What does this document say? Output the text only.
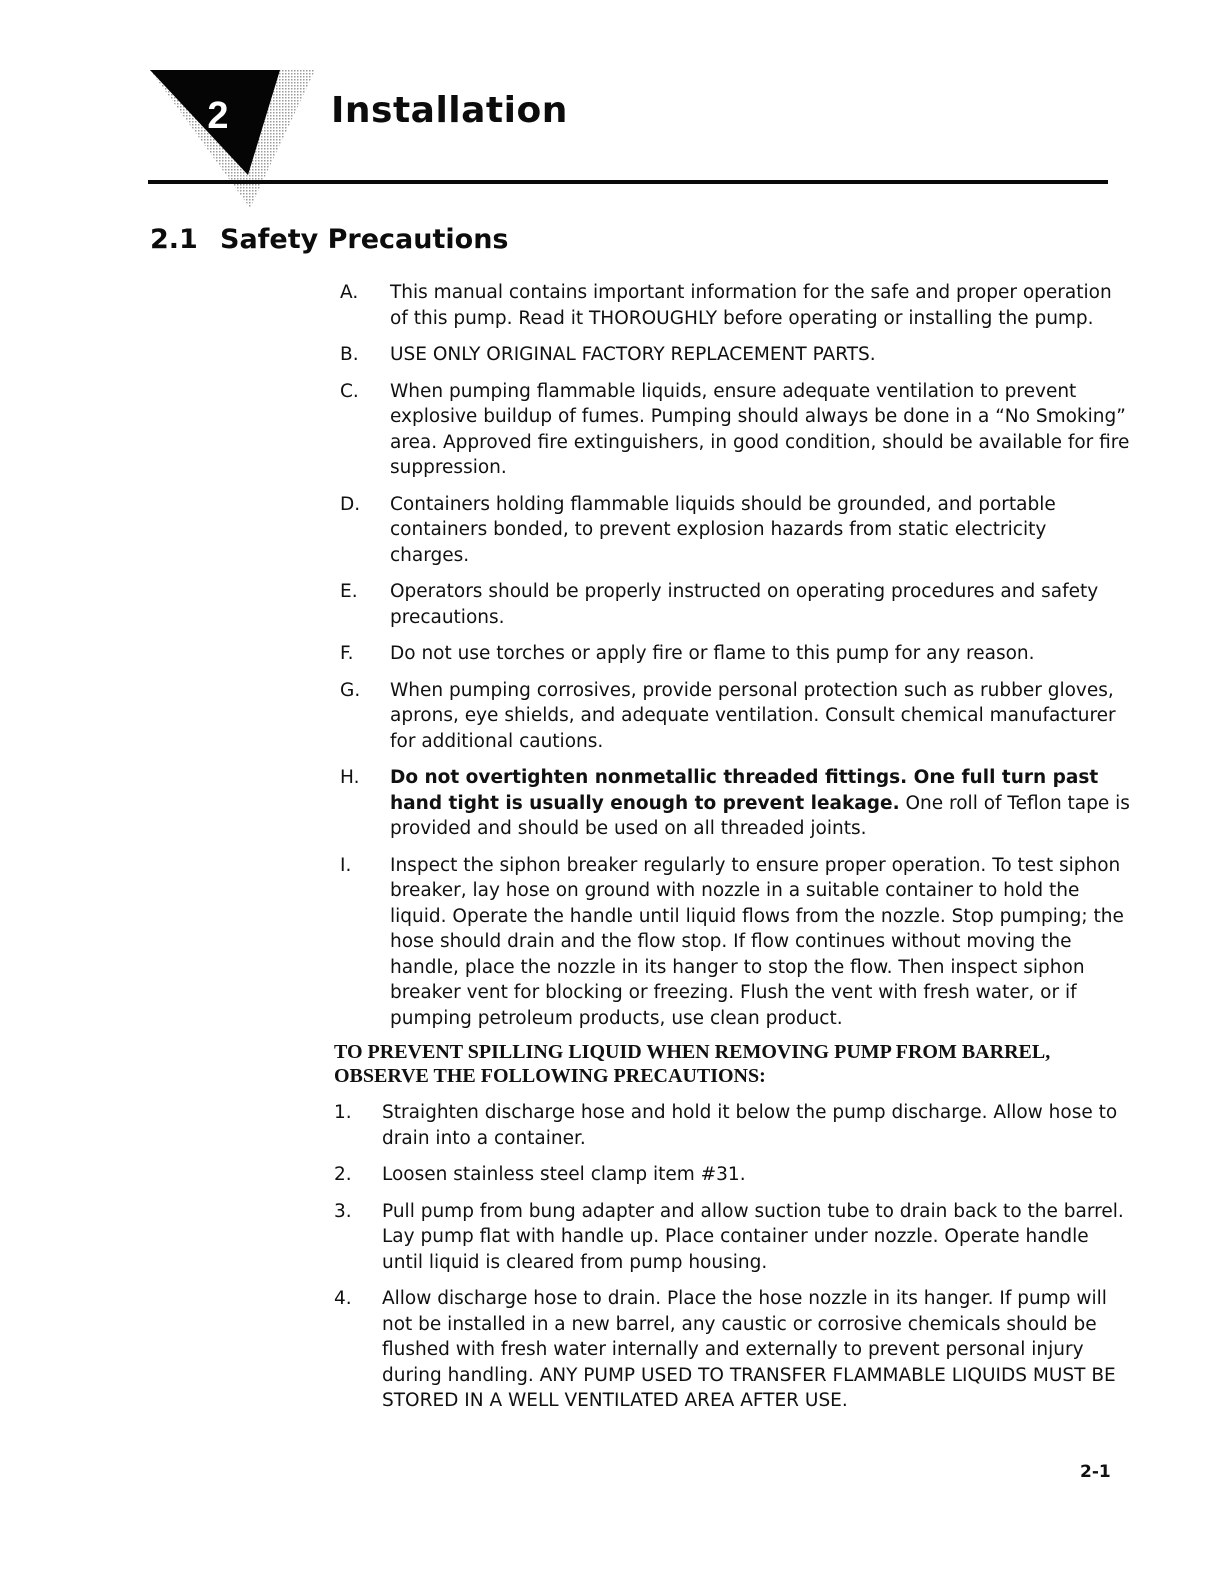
2	Installation
2.1 Safety Precautions
A. This manual contains important information for the safe and proper operation of this pump. Read it THOROUGHLY before operating or installing the pump.
B. USE ONLY ORIGINAL FACTORY REPLACEMENT PARTS.
C. When pumping flammable liquids, ensure adequate ventilation to prevent explosive buildup of fumes. Pumping should always be done in a “No Smoking” area. Approved fire extinguishers, in good condition, should be available for fire suppression.
D. Containers holding flammable liquids should be grounded, and portable containers bonded, to prevent explosion hazards from static electricity charges.
E. Operators should be properly instructed on operating procedures and safety precautions.
F. Do not use torches or apply fire or flame to this pump for any reason.
G. When pumping corrosives, provide personal protection such as rubber gloves, aprons, eye shields, and adequate ventilation. Consult chemical manufacturer for additional cautions.
H. Do not overtighten nonmetallic threaded fittings. One full turn past hand tight is usually enough to prevent leakage. One roll of Teflon tape is provided and should be used on all threaded joints.
I. Inspect the siphon breaker regularly to ensure proper operation. To test siphon breaker, lay hose on ground with nozzle in a suitable container to hold the liquid. Operate the handle until liquid flows from the nozzle. Stop pumping; the hose should drain and the flow stop. If flow continues without moving the handle, place the nozzle in its hanger to stop the flow. Then inspect siphon breaker vent for blocking or freezing. Flush the vent with fresh water, or if pumping petroleum products, use clean product.
TO PREVENT SPILLING LIQUID WHEN REMOVING PUMP FROM BARREL, OBSERVE THE FOLLOWING PRECAUTIONS:
1. Straighten discharge hose and hold it below the pump discharge. Allow hose to drain into a container.
2. Loosen stainless steel clamp item #31.
3. Pull pump from bung adapter and allow suction tube to drain back to the barrel. Lay pump flat with handle up. Place container under nozzle. Operate handle until liquid is cleared from pump housing.
4. Allow discharge hose to drain. Place the hose nozzle in its hanger. If pump will not be installed in a new barrel, any caustic or corrosive chemicals should be flushed with fresh water internally and externally to prevent personal injury during handling. ANY PUMP USED TO TRANSFER FLAMMABLE LIQUIDS MUST BE STORED IN A WELL VENTILATED AREA AFTER USE.
2-1
